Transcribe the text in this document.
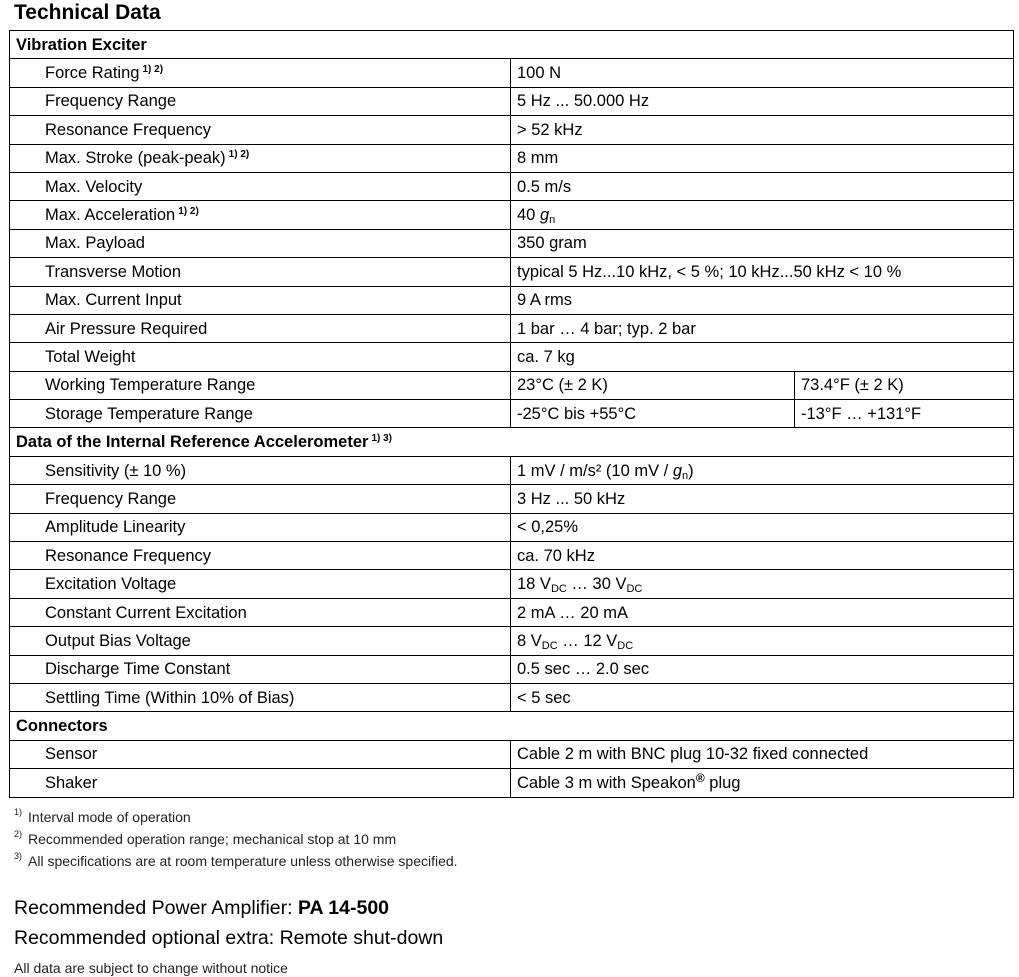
Technical Data
Vibration Exciter		
Force Rating $^{1) 2)}$	100 N	
Frequency Range	5 Hz ... 50.000 Hz	
Resonance Frequency	> 52 kHz	
Max. Stroke (peak-peak) $^{1) 2)}$	8 mm	
Max. Velocity	0.5 m/s	
Max. Acceleration $^{1) 2)}$	40 $g_n$
Max. Payload	350 gram	
Transverse Motion	typical 5 Hz...10 kHz, < 5 %; 10 kHz...50 kHz < 10 %	
Max. Current Input	9 A rms	
Air Pressure Required	1 bar … 4 bar; typ. 2 bar	
Total Weight	ca. 7 kg	
Working Temperature Range	23°C (± 2 K)	73.4°F (± 2 K)
Storage Temperature Range	-25°C bis +55°C	-13°F … +131°F
Data of the Internal Reference Accelerometer $^{1) 3)}$
Sensitivity (± 10 %)	1 mV / m/s² (10 mV / $g_n$)	
Frequency Range	3 Hz ... 50 kHz	
Amplitude Linearity	< 0,25%	
Resonance Frequency	ca. 70 kHz	
Excitation Voltage	18 $V_{DC}$ … 30 $V_{DC}$
Constant Current Excitation	2 mA … 20 mA	
Output Bias Voltage	8 $V_{DC}$ … 12 $V_{DC}$
Discharge Time Constant	0.5 sec … 2.0 sec	
Settling Time (Within 10% of Bias)	< 5 sec	
Connectors		
Sensor	Cable 2 m with BNC plug 10-32 fixed connected	
Shaker	Cable 3 m with Speakon® plug	
$^{1)}$ Interval mode of operation
$^{2)}$ Recommended operation range; mechanical stop at 10 mm
$^{3)}$ All specifications are at room temperature unless otherwise specified.
Recommended Power Amplifier: PA 14-500
Recommended optional extra: Remote shut-down
All data are subject to change without notice
